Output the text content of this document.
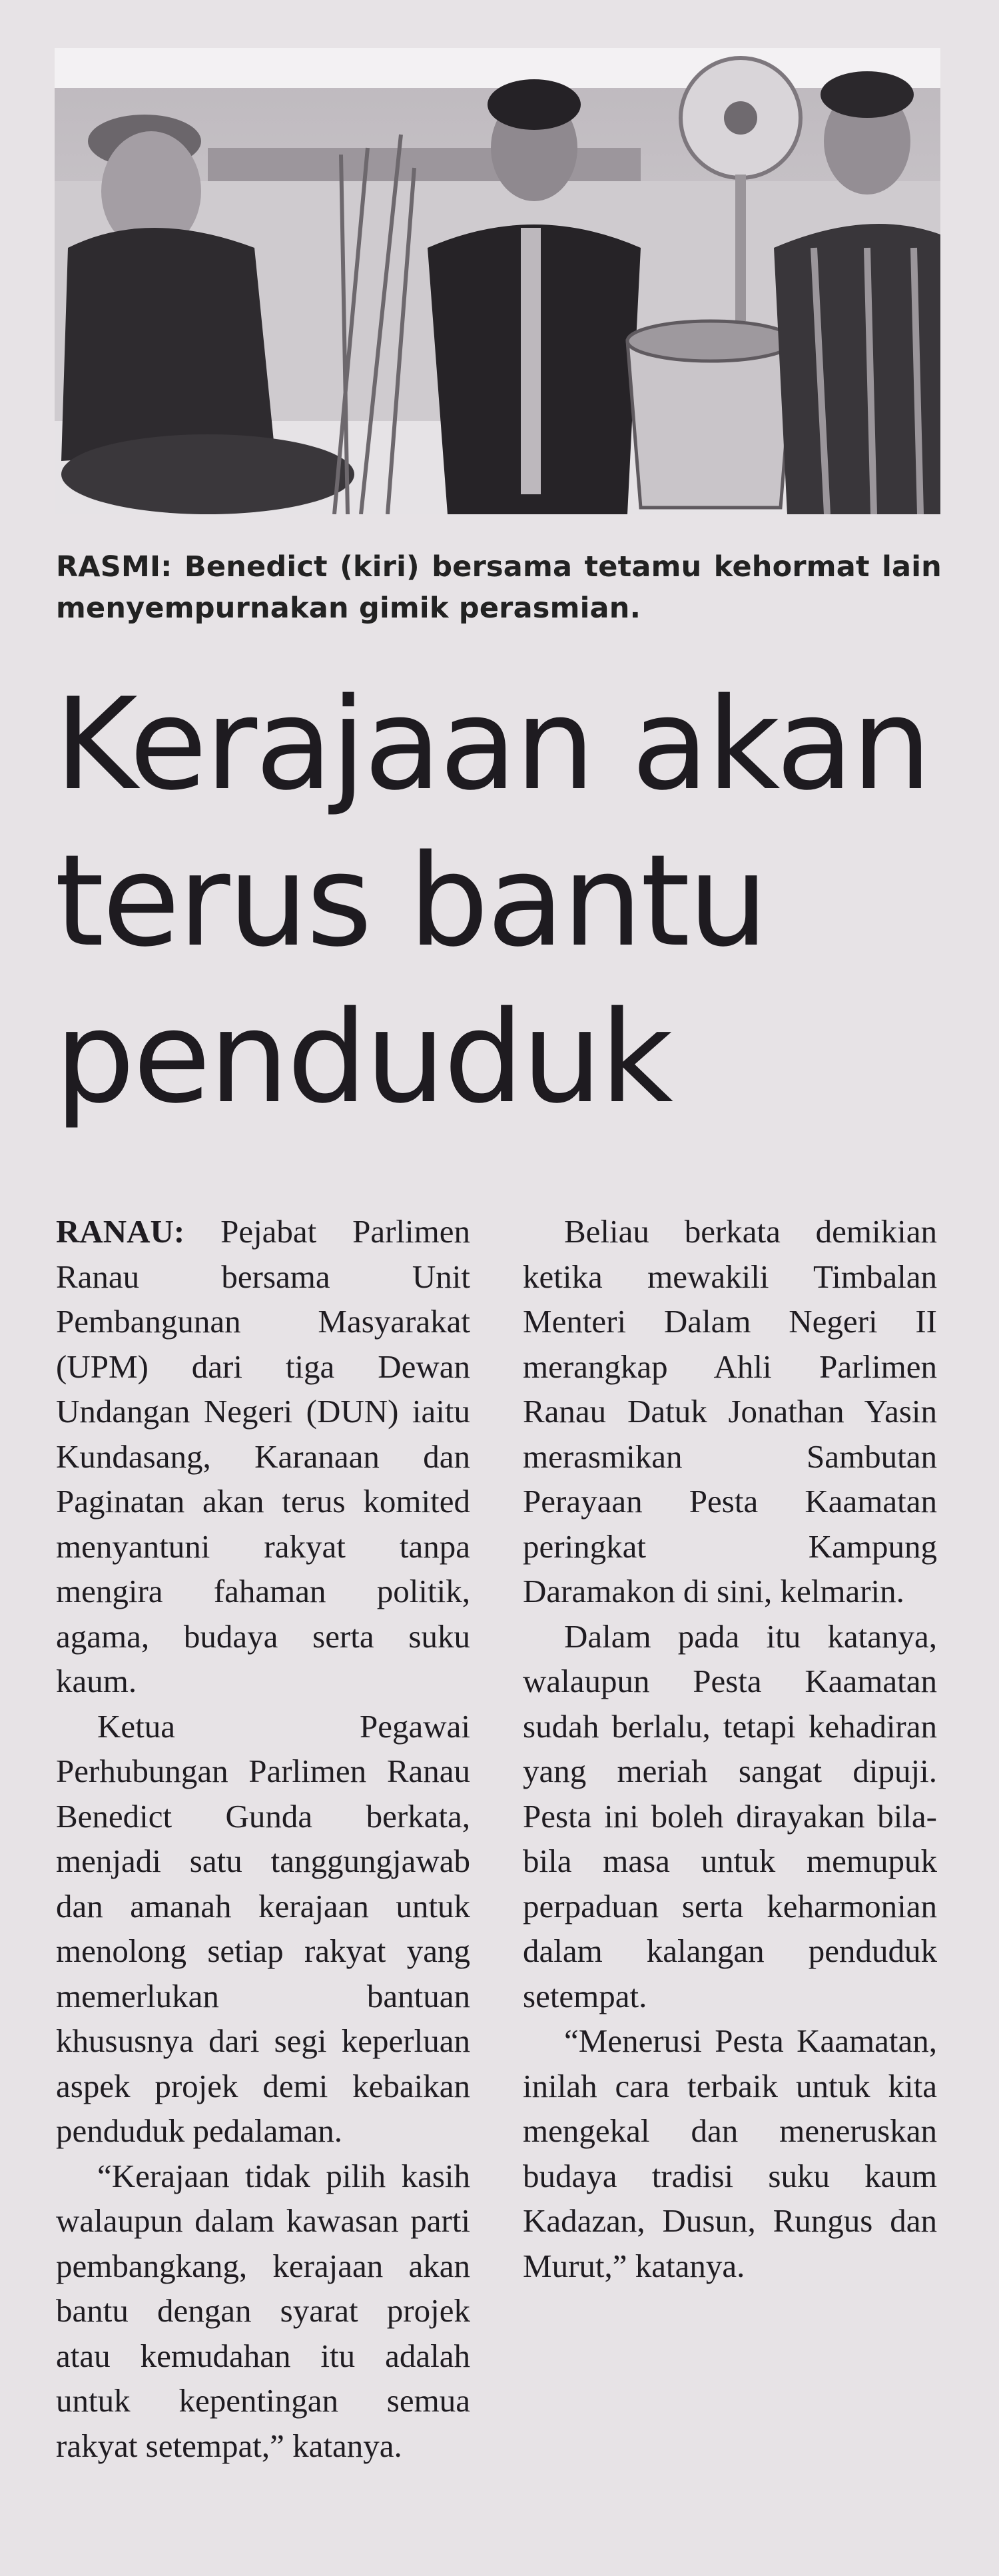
RASMI: Benedict (kiri) bersama tetamu kehormat lain menyempurnakan gimik perasmian.
Kerajaan akan
terus bantu
penduduk

RANAU: Pejabat Parlimen Ranau bersama Unit Pembangunan Masyarakat (UPM) dari tiga Dewan Undangan Negeri (DUN) iaitu Kundasang, Karanaan dan Paginatan akan terus komited menyantuni rakyat tanpa mengira fahaman politik, agama, budaya serta suku kaum.

Ketua Pegawai Perhubungan Parlimen Ranau Benedict Gunda berkata, menjadi satu tanggungjawab dan amanah kerajaan untuk menolong setiap rakyat yang memerlukan bantuan khususnya dari segi keperluan aspek projek demi kebaikan penduduk pedalaman.

“Kerajaan tidak pilih kasih walaupun dalam kawasan parti pembangkang, kerajaan akan bantu dengan syarat projek atau kemudahan itu adalah untuk kepentingan semua rakyat setempat,” katanya.

Beliau berkata demikian ketika mewakili Timbalan Menteri Dalam Negeri II merangkap Ahli Parlimen Ranau Datuk Jonathan Yasin merasmikan Sambutan Perayaan Pesta Kaamatan peringkat Kampung Daramakon di sini, kelmarin.

Dalam pada itu katanya, walaupun Pesta Kaamatan sudah berlalu, tetapi kehadiran yang meriah sangat dipuji. Pesta ini boleh dirayakan bila-bila masa untuk memupuk perpaduan serta keharmonian dalam kalangan penduduk setempat.

“Menerusi Pesta Kaamatan, inilah cara terbaik untuk kita mengekal dan meneruskan budaya tradisi suku kaum Kadazan, Dusun, Rungus dan Murut,” katanya.
